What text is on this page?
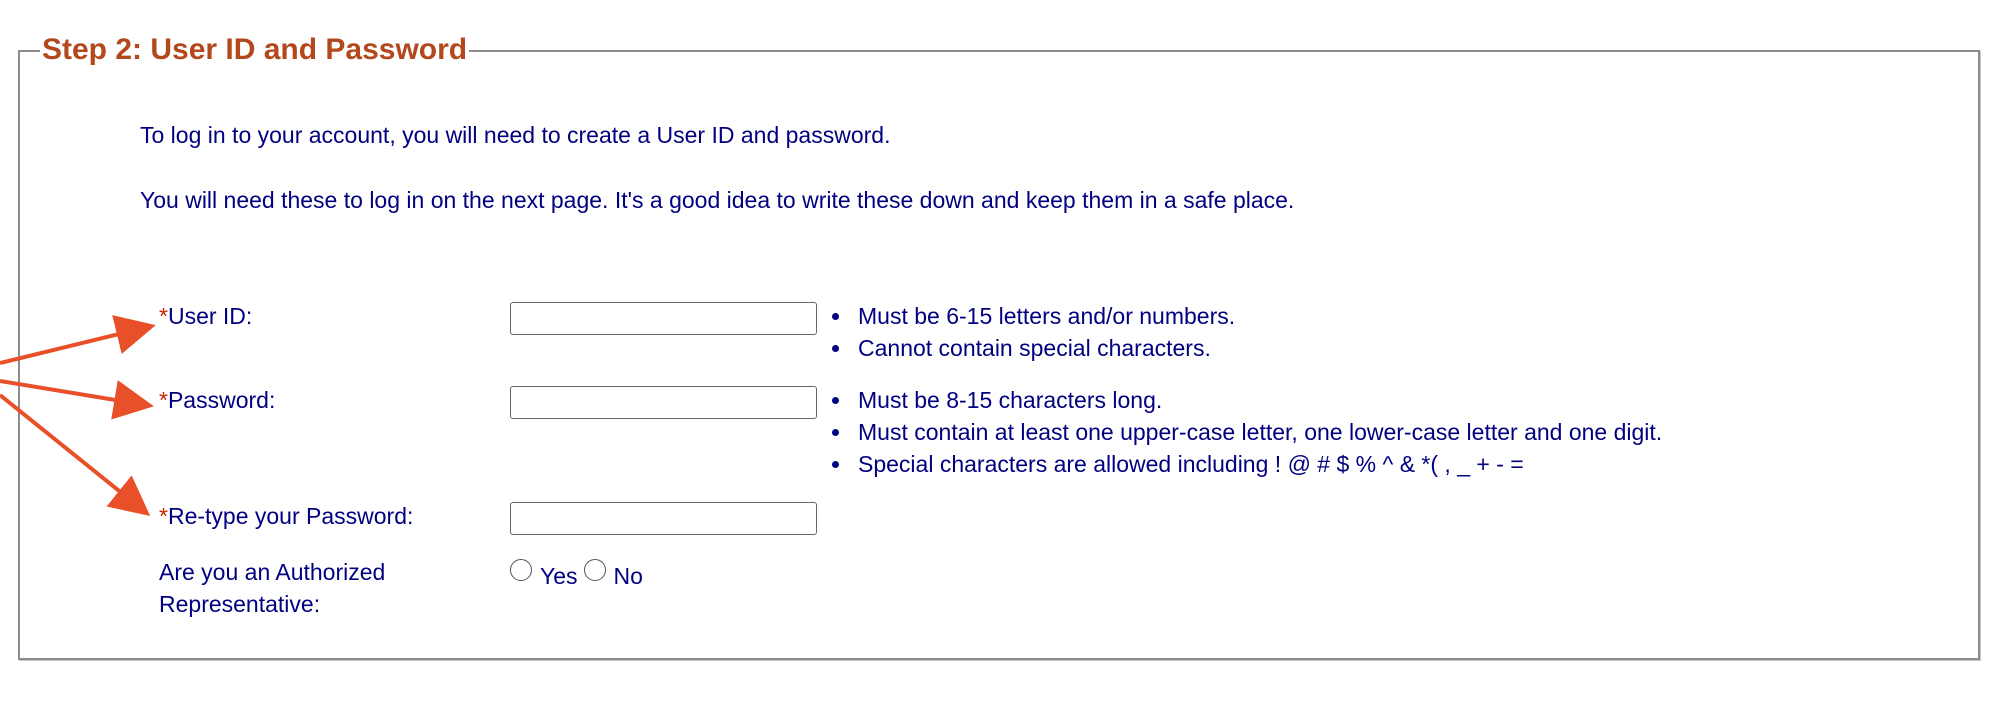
Step 2: User ID and Password
To log in to your account, you will need to create a User ID and password.
You will need these to log in on the next page. It's a good idea to write these down and keep them in a safe place.
*User ID:	Must be 6-15 letters and/or numbers.
Cannot contain special characters.
*Password:	Must be 8-15 characters long.
Must contain at least one upper-case letter, one lower-case letter and one digit.
Special characters are allowed including ! @ # $ % ^ & *( , _ + - =
*Re-type your Password:
Are you an Authorized Representative:
Yes No
